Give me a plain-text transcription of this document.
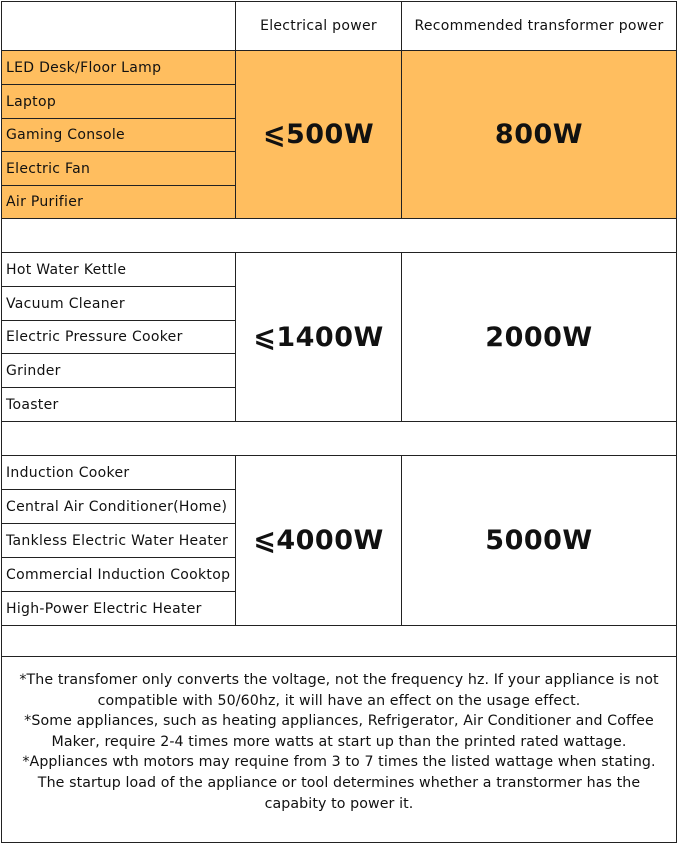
Electrical power	Recommended transformer power
LED Desk/Floor Lamp
Laptop
Gaming Console
Electric Fan
Air Purifier
⩽500W	800W
Hot Water Kettle
Vacuum Cleaner
Electric Pressure Cooker
Grinder
Toaster
⩽1400W	2000W
Induction Cooker
Central Air Conditioner(Home)
Tankless Electric Water Heater
Commercial Induction Cooktop
High-Power Electric Heater
⩽4000W	5000W

*The transfomer only converts the voltage, not the frequency hz. If your appliance is not compatible with 50/60hz, it will have an effect on the usage effect.

*Some appliances, such as heating appliances, Refrigerator, Air Conditioner and Coffee Maker, require 2-4 times more watts at start up than the printed rated wattage.

*Appliances wth motors may requine from 3 to 7 times the listed wattage when stating. The startup load of the appliance or tool determines whether a transtormer has the capabity to power it.
